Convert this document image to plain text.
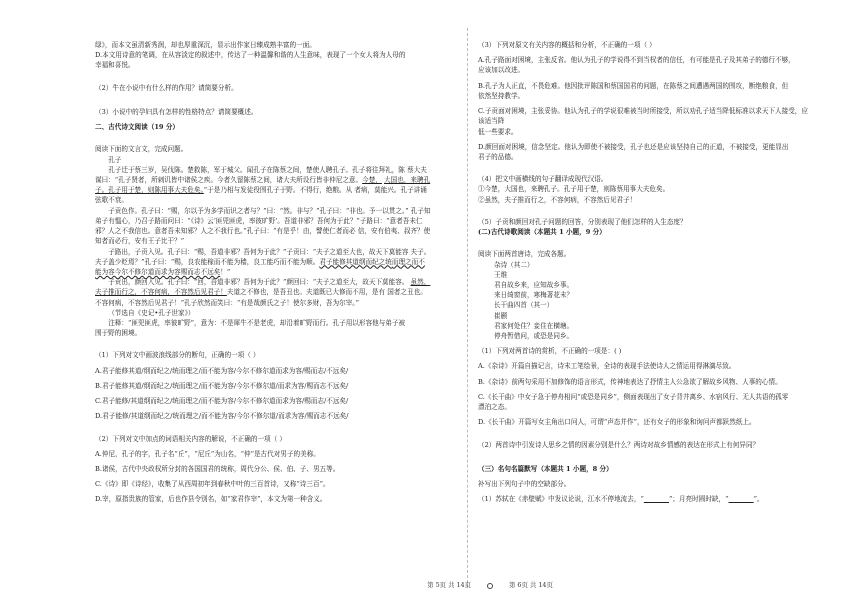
绿》，而本文虽清新秀润，却也厚重深沉，显示出作家日臻成熟丰富的一面。

D.本文用诗意的笔调，在从容淡定的叙述中，传达了一种温馨和谐的人生意味，表现了一个女人将为人母的
幸福和喜悦。

（2）牛在小说中有什么样的作用？请简要分析。

（3）小说中的孕妇具有怎样的性格特点？请简要概述。

二、古代诗文阅读（19 分）

阅读下面的文言文，完成问题。

孔子

孔子迁于蔡三岁，吴伐陈。楚救陈，军于城父。闻孔子在陈蔡之间，楚使人聘孔子。孔子将往拜礼，陈 蔡大夫谋曰：“孔子贤者，所刺讥皆中诸侯之疾。今者久留陈蔡之间，诸大夫所设行皆非仲尼之意。今楚， 大国也，来聘孔子。孔子用于楚，则陈用事大夫危矣。”于是乃相与发徒役围孔子于野。不得行，绝粮。从 者病，莫能兴。孔子讲诵弦歌不衰。

子贡色作。孔子曰：“赐，尔以予为多学而识之者与？”曰：“然。非与？”孔子曰：“非也。予一以贯之。” 孔子知弟子有愠心，乃召子路而问曰：“《诗》云‘匪兕匪虎，率彼旷野’。吾道非邪？吾何为于此？”子路曰：“意者吾未仁邪？人之不我信也。意者吾未知邪？人之不我行也。”孔子曰：“有是乎！由，譬使仁者而必 信，安有伯夷、叔齐？使知者而必行，安有王子比干？”

子路出，子贡入见。孔子曰：“赐，吾道非邪？吾何为于此？”子贡曰：“夫子之道至大也，故天下莫能容 夫子。夫子盖少贬焉？”孔子曰：“赐，良农能稼而不能为穑，良工能巧而不能为顺。君子能修其道纲而纪之统而理之而不能为容今尔不修尔道而求为容赐而志不远矣！”

子贡出，颜回入见。孔子曰：“回，吾道非邪？吾何为于此？”颜回曰：“夫子之道至大，故天下莫能容。 虽然，夫子推而行之，不容何病，不容然后见君子！夫道之不修也，是吾丑也。夫道既已大修而不用，是有 国者之丑也。不容何病，不容然后见君子！”孔子欣然而笑曰：“有是哉颜氏之子！使尔多财，吾为尔宰。”

（节选自《史记•孔子世家》）

注释：“匪兕匪虎，率彼旷野”，意为：不是犀牛不是老虎，却沿着旷野而行。孔子用以形容他与弟子被

围于野的困境。

（1）下列对文中画波浪线部分的断句，正确的一项（ ）

A.君子能修其道/纲而纪之/统而理之/而不能为容/今尔不修尔道而求为容/赐而志/不远矣/

B.君子能修其道/纲而纪之/统而理之/而不能为容/今尔不修尔道/而求为容/赐而志不远矣/

C.君子能修/其道纲而纪之/统而理之/而不能为容/今尔不修尔道而求为容/赐而志/不远矣/

D.君子能修/其道纲而纪之/统而理之/而不能为容/今尔不修尔道/而求为容/赐而志不远矣/

（2）下列对文中加点的词语相关内容的解说，不正确的一项（ ）

A.仲尼，孔子的字，孔子名“丘”，“尼丘”为山名，“仲”是古代对男子的美称。

B.诸侯，古代中央政权所分封的各国国君的统称，周代分公、侯、伯、子、男五等。

C.《诗》即《诗经》，收集了从西周初年到春秋中叶的三百首诗，又称“诗三百”。

D.宰，原指贵族的管家，后也作县令别名，如“家君作宰”，本文为第一种含义。

（3）下列对原文有关内容的概括和分析，不正确的一项（ ）

A.孔子路面对困境，主张反省。他认为孔子的学说得不到当权者的信任，有可能是孔子及其弟子的德行不够，
应该加以改进。

B.孔子为人正直，不畏危难。他因批评陈国和蔡国国君的问题，在陈蔡之间遭遇两国的围攻，断绝粮食，但
依然坚持教学。

C.子贡面对困境，主张妥协。他认为孔子的学说很难被当时所接受，所以劝孔子适当降低标准以求天下人接受，应该适当降
低一些要求。

D.颜回面对困境，信念坚定。他认为即使不被接受，孔子也还是应该坚持自己的正道，不被接受，更能显出
君子的品德。

（4）把文中画横线的句子翻译成现代汉语。

①今楚，大国也，来聘孔子。孔子用于楚，则陈蔡用事大夫危矣。

②虽然，夫子推而行之，不容何病，不容然后见君子！

（5）子贡和颜回对孔子问题的回答，分别表现了他们怎样的人生态度？

(二)古代诗歌阅读（本题共 1 小题，9 分）

阅读下面两首唐诗，完成各题。

杂诗（其二）

王维

君自故乡来，应知故乡事。

来日绮窗前，寒梅著花未？

长干曲四首（其一）

崔颢

君家何处住？妾住在横塘。

停舟暂借问，或恐是同乡。

（1）下列对两首诗的赏析，不正确的一项是：( )

A.《杂诗》开篇自描记言，诗末工笔绘景，全诗的表现手法使诗人之情运用得淋漓尽致。

B.《杂诗》前两句采用不加修饰的语言形式，传神地表达了抒情主人公急欲了解故乡风物、人事的心情。

C.《长干曲》中女子急于停舟相问“或恐是同乡”，侧面表现出了女子背井离乡、水宿风行、无人共语的孤零
漂泊之态。

D.《长干曲》开篇写女主角出口问人，可谓“声态并作”，还有女子的形象和询问声都跃然纸上。

（2）两首诗中引发诗人思乡之情的因素分别是什么？两诗对故乡情感的表达在形式上有何异同？

（三）名句名篇默写（本题共 1 小题，8 分）

补写出下列句子中的空缺部分。

（1）苏轼在《赤壁赋》中发议论说，江水不停地流去，“	”；月亮时圆时缺，“	”。

第 5页 共 14页	第 6页 共 14页
